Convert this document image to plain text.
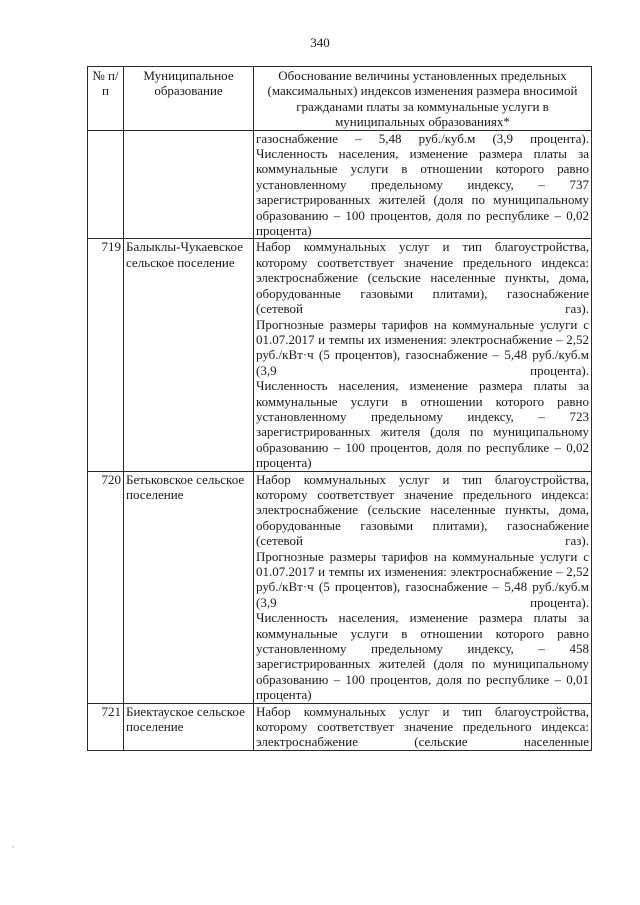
340
№ п/п	Муниципальное образование	Обоснование величины установленных предельных (максимальных) индексов изменения размера вносимой гражданами платы за коммунальные услуги в муниципальных образованиях*

		газоснабжение – 5,48 руб./куб.м (3,9 процента).

Численность населения, изменение размера платы за коммунальные услуги в отношении которого равно установленному предельному индексу, – 737 зарегистрированных жителей (доля по муниципальному образованию – 100 процентов, доля по республике – 0,02 процента)

719	Балыклы-Чукаевское сельское поселение	Набор коммунальных услуг и тип благоустройства, которому соответствует значение предельного индекса: электроснабжение (сельские населенные пункты, дома, оборудованные газовыми плитами), газоснабжение (сетевой газ).

Прогнозные размеры тарифов на коммунальные услуги с 01.07.2017 и темпы их изменения: электроснабжение – 2,52 руб./кВт·ч (5 процентов), газоснабжение – 5,48 руб./куб.м (3,9 процента).

Численность населения, изменение размера платы за коммунальные услуги в отношении которого равно установленному предельному индексу, – 723 зарегистрированных жителя (доля по муниципальному образованию – 100 процентов, доля по республике – 0,02 процента)

720	Бетьковское сельское поселение	Набор коммунальных услуг и тип благоустройства, которому соответствует значение предельного индекса: электроснабжение (сельские населенные пункты, дома, оборудованные газовыми плитами), газоснабжение (сетевой газ).

Прогнозные размеры тарифов на коммунальные услуги с 01.07.2017 и темпы их изменения: электроснабжение – 2,52 руб./кВт·ч (5 процентов), газоснабжение – 5,48 руб./куб.м (3,9 процента).

Численность населения, изменение размера платы за коммунальные услуги в отношении которого равно установленному предельному индексу, – 458 зарегистрированных жителей (доля по муниципальному образованию – 100 процентов, доля по республике – 0,01 процента)

721	Биектауское сельское поселение	Набор коммунальных услуг и тип благоустройства, которому соответствует значение предельного индекса: электроснабжение (сельские населенные
